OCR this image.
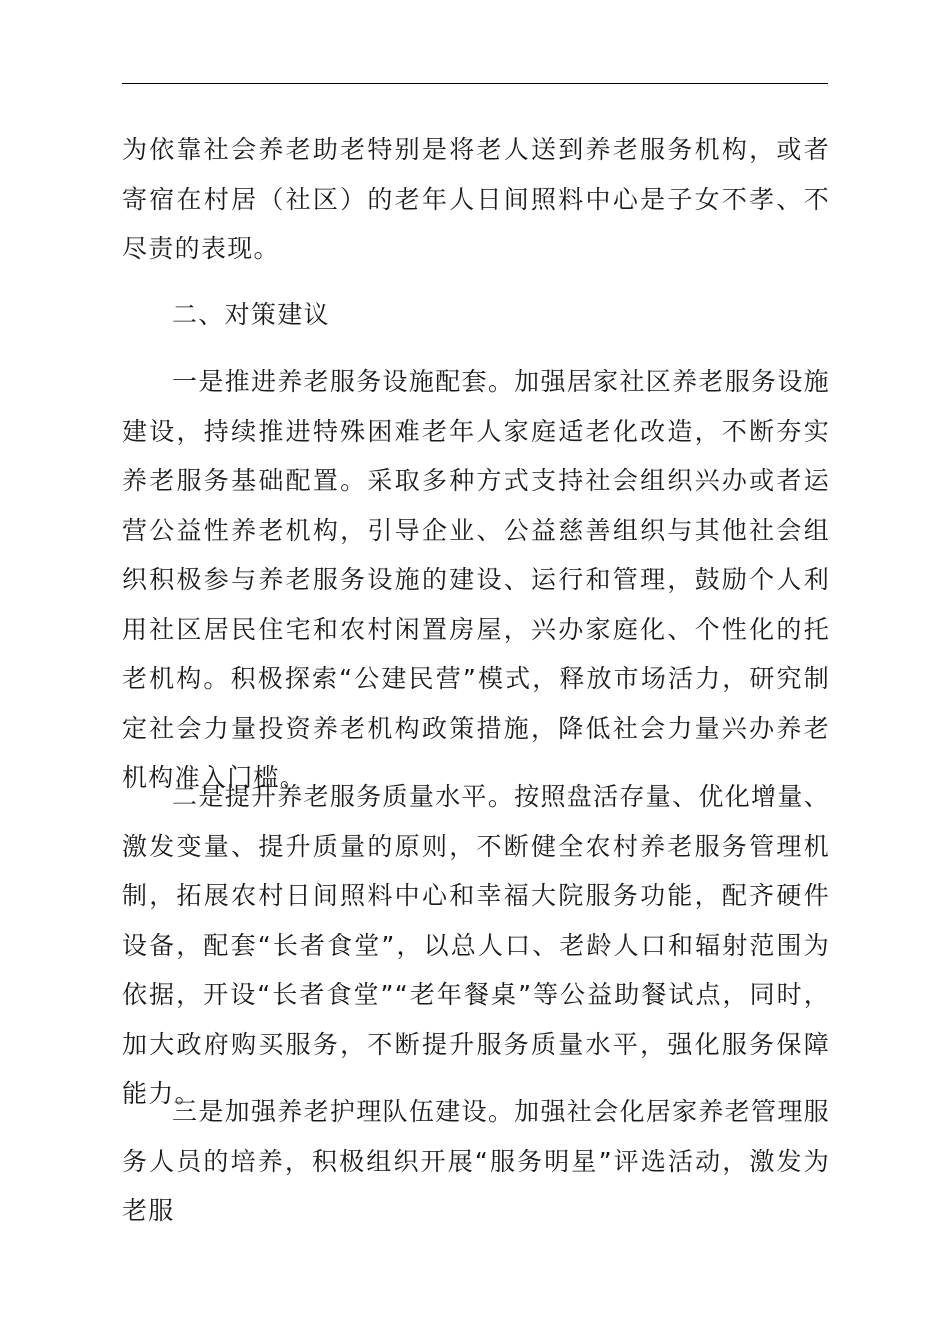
为依靠社会养老助老特别是将老人送到养老服务机构，或者寄宿在村居（社区）的老年人日间照料中心是子女不孝、不尽责的表现。

二、对策建议

一是推进养老服务设施配套。加强居家社区养老服务设施建设，持续推进特殊困难老年人家庭适老化改造，不断夯实养老服务基础配置。采取多种方式支持社会组织兴办或者运营公益性养老机构，引导企业、公益慈善组织与其他社会组织积极参与养老服务设施的建设、运行和管理，鼓励个人利用社区居民住宅和农村闲置房屋，兴办家庭化、个性化的托老机构。积极探索“公建民营”模式，释放市场活力，研究制定社会力量投资养老机构政策措施，降低社会力量兴办养老机构准入门槛。

二是提升养老服务质量水平。按照盘活存量、优化增量、激发变量、提升质量的原则，不断健全农村养老服务管理机制，拓展农村日间照料中心和幸福大院服务功能，配齐硬件设备，配套“长者食堂”，以总人口、老龄人口和辐射范围为依据，开设“长者食堂”“老年餐桌”等公益助餐试点，同时，加大政府购买服务，不断提升服务质量水平，强化服务保障能力。

三是加强养老护理队伍建设。加强社会化居家养老管理服务人员的培养，积极组织开展“服务明星”评选活动，激发为老服
